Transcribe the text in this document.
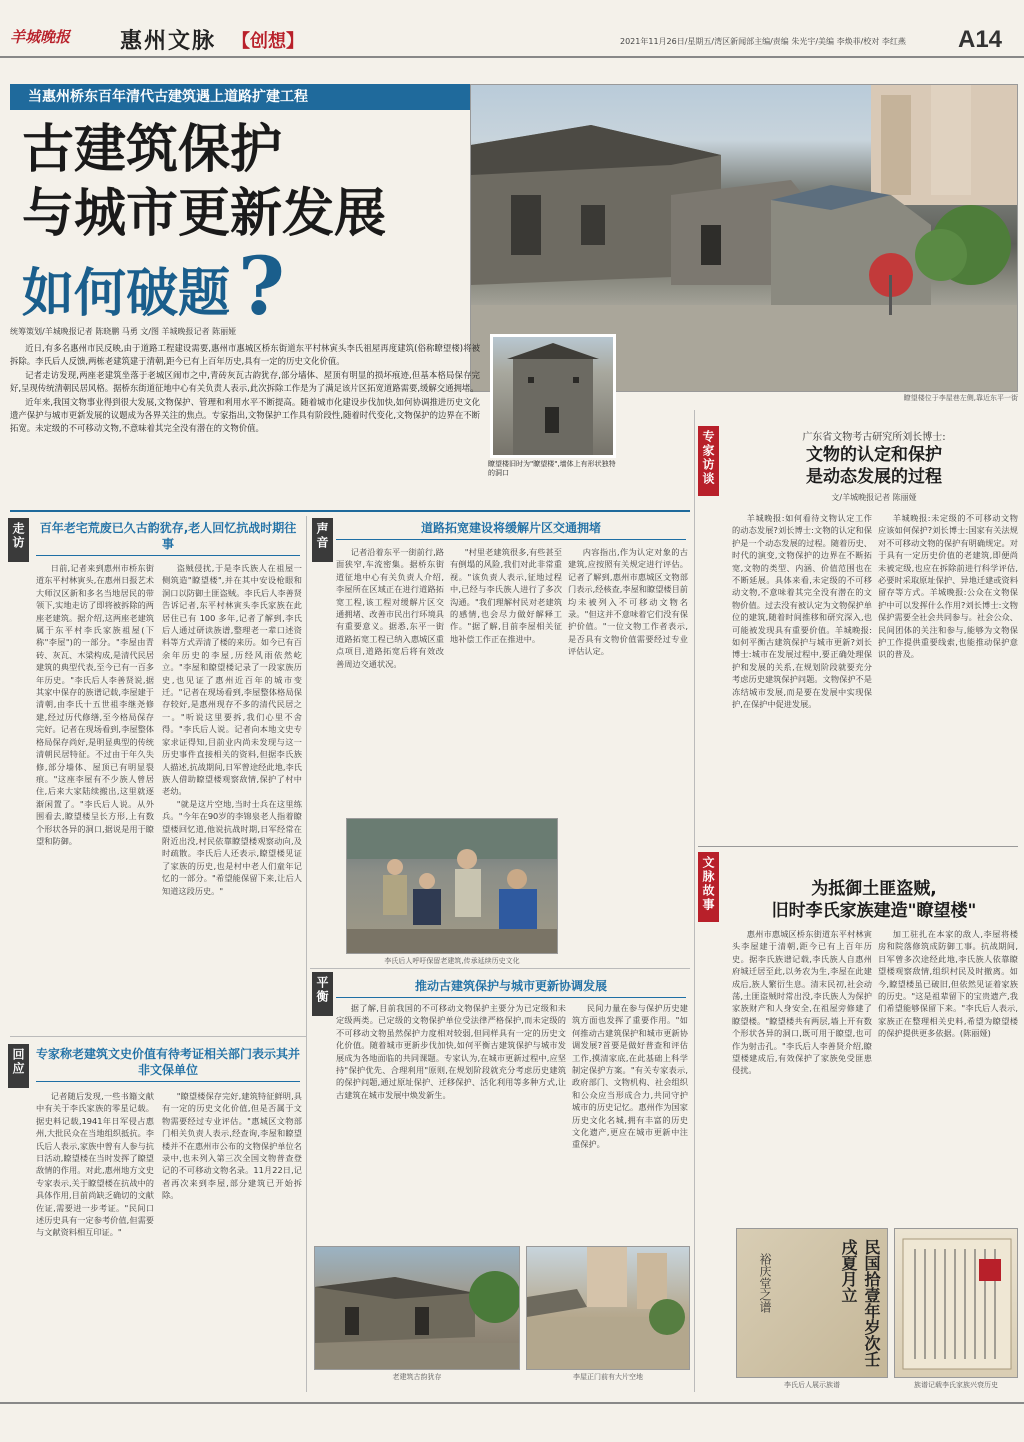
羊城晚报 惠州文脉 【创想】	2021年11月26日/星期五/湾区新闻部主编/责编 朱光宇/美编 李焕菲/校对 李红燕 A14
当惠州桥东百年清代古建筑遇上道路扩建工程
古建筑保护
与城市更新发展
如何破题 ?
统筹策划/羊城晚报记者 陈晓鹏 马勇 文/图 羊城晚报记者 陈丽娅
瞭望楼位于李屋巷左侧,靠近东平一街
瞭望楼旧时为"瞭望楼",墙体上有形状独特的洞口

近日,有多名惠州市民反映,由于道路工程建设需要,惠州市惠城区桥东街道东平村林寅头李氏祖屋再度建筑(俗称瞭望楼)将被拆除。李氏后人反馈,两栋老建筑建于清朝,距今已有上百年历史,具有一定的历史文化价值。

记者走访发现,两座老建筑坐落于老城区闹市之中,青砖灰瓦古韵犹存,部分墙体、屋顶有明显的损坏痕迹,但基本格局保存完好,呈现传统清朝民居风格。据桥东街道征地中心有关负责人表示,此次拆除工作是为了满足该片区拓宽道路需要,缓解交通拥堵。

近年来,我国文物事业得到很大发展,文物保护、管理和利用水平不断提高。随着城市化建设步伐加快,如何协调推进历史文化遗产保护与城市更新发展的议题成为各界关注的焦点。专家指出,文物保护工作具有阶段性,随着时代变化,文物保护的边界在不断拓宽。未定级的不可移动文物,不意味着其完全没有潜在的文物价值。

走访	声音
平衡
回应
专家访谈
文脉故事
百年老宅荒废已久古韵犹存,老人回忆抗战时期往事

日前,记者来到惠州市桥东街道东平村林寅头,在惠州日报艺术大师汉区新和多名当地居民的带领下,实地走访了即将被拆除的两座老建筑。据介绍,这两座老建筑属于东平村李氏家族祖屋(下称"李屋")的一部分。"李屋由青砖、灰瓦、木梁构成,是清代民居建筑的典型代表,至今已有一百多年历史。"李氏后人李善贤说,据其家中保存的族谱记载,李屋建于清朝,由李氏十五世祖李继尧修建,经过历代修缮,至今格局保存完好。记者在现场看到,李屋整体格局保存尚好,是明显典型的传统清朝民居特征。不过由于年久失修,部分墙体、屋顶已有明显裂痕。"这座李屋有不少族人曾居住,后来大家陆续搬出,这里就逐渐闲置了。"李氏后人说。从外围看去,瞭望楼呈长方形,上有数个形状各异的洞口,据说是用于瞭望和防御。

盗贼侵扰,于是李氏族人在祖屋一侧筑造"瞭望楼",并在其中安设枪眼和洞口以防御土匪盗贼。李氏后人李善贤告诉记者,东平村林寅头李氏家族在此居住已有 100 多年,记者了解到,李氏后人通过研读族谱,整理老一辈口述资料等方式弄清了楼的来历。如今已有百余年历史的李屋,历经风雨依然屹立。"李屋和瞭望楼记录了一段家族历史,也见证了惠州近百年的城市变迁。"记者在现场看到,李屋整体格局保存较好,是惠州现存不多的清代民居之一。"听说这里要拆,我们心里不舍得。"李氏后人说。记者向本地文史专家求证得知,目前业内尚未发现与这一历史事件直接相关的资料,但据李氏族人描述,抗战期间,日军曾途经此地,李氏族人借助瞭望楼观察敌情,保护了村中老幼。

"就是这片空地,当时士兵在这里练兵。"今年在90岁的李锦泉老人指着瞭望楼回忆道,他说抗战时期,日军经常在附近出没,村民依靠瞭望楼观察动向,及时疏散。李氏后人还表示,瞭望楼见证了家族的历史,也是村中老人们童年记忆的一部分。"希望能保留下来,让后人知道这段历史。"

道路拓宽建设将缓解片区交通拥堵

记者沿着东平一街前行,路面狭窄,车流密集。据桥东街道征地中心有关负责人介绍,李屋所在区域正在进行道路拓宽工程,该工程对缓解片区交通拥堵、改善市民出行环境具有重要意义。据悉,东平一街道路拓宽工程已纳入惠城区重点项目,道路拓宽后将有效改善周边交通状况。

"村里老建筑很多,有些甚至有倒塌的风险,我们对此非常重视。"该负责人表示,征地过程中,已经与李氏族人进行了多次沟通。"我们理解村民对老建筑的感情,也会尽力做好解释工作。"据了解,目前李屋相关征地补偿工作正在推进中。

内容指出,作为认定对象的古建筑,应按照有关规定进行评估。记者了解到,惠州市惠城区文物部门表示,经核查,李屋和瞭望楼目前均未被列入不可移动文物名录。"但这并不意味着它们没有保护价值。"一位文物工作者表示,是否具有文物价值需要经过专业评估认定。

李氏后人呼吁保留老建筑,传承延续历史文化
推动古建筑保护与城市更新协调发展

据了解,目前我国的不可移动文物保护主要分为已定级和未定级两类。已定级的文物保护单位受法律严格保护,而未定级的不可移动文物虽然保护力度相对较弱,但同样具有一定的历史文化价值。随着城市更新步伐加快,如何平衡古建筑保护与城市发展成为各地面临的共同课题。专家认为,在城市更新过程中,应坚持"保护优先、合理利用"原则,在规划阶段就充分考虑历史建筑的保护问题,通过原址保护、迁移保护、活化利用等多种方式,让古建筑在城市发展中焕发新生。

民间力量在参与保护历史建筑方面也发挥了重要作用。"如何推动古建筑保护和城市更新协调发展?首要是做好普查和评估工作,摸清家底,在此基础上科学制定保护方案。"有关专家表示,政府部门、文物机构、社会组织和公众应当形成合力,共同守护城市的历史记忆。惠州作为国家历史文化名城,拥有丰富的历史文化遗产,更应在城市更新中注重保护。

老建筑古韵犹存	李屋正门前有大片空地
专家称老建筑文史价值有待考证相关部门表示其并非文保单位

记者随后发现,一些书籍文献中有关于李氏家族的零星记载。据史料记载,1941年日军侵占惠州,大批民众在当地组织抵抗。李氏后人表示,家族中曾有人参与抗日活动,瞭望楼在当时发挥了瞭望敌情的作用。对此,惠州地方文史专家表示,关于瞭望楼在抗战中的具体作用,目前尚缺乏确切的文献佐证,需要进一步考证。"民间口述历史具有一定参考价值,但需要与文献资料相互印证。"

"瞭望楼保存完好,建筑特征鲜明,具有一定的历史文化价值,但是否属于文物需要经过专业评估。"惠城区文物部门相关负责人表示,经查询,李屋和瞭望楼并不在惠州市公布的文物保护单位名录中,也未列入第三次全国文物普查登记的不可移动文物名录。11月22日,记者再次来到李屋,部分建筑已开始拆除。

广东省文物考古研究所刘长博士:
文物的认定和保护
是动态发展的过程
文/羊城晚报记者 陈丽娅

羊城晚报:如何看待文物认定工作的动态发展?刘长博士:文物的认定和保护是一个动态发展的过程。随着历史、时代的演变,文物保护的边界在不断拓宽,文物的类型、内涵、价值范围也在不断延展。具体来看,未定级的不可移动文物,不意味着其完全没有潜在的文物价值。过去没有被认定为文物保护单位的建筑,随着时间推移和研究深入,也可能被发现具有重要价值。羊城晚报:如何平衡古建筑保护与城市更新?刘长博士:城市在发展过程中,要正确处理保护和发展的关系,在规划阶段就要充分考虑历史建筑保护问题。文物保护不是冻结城市发展,而是要在发展中实现保护,在保护中促进发展。

羊城晚报:未定级的不可移动文物应该如何保护?刘长博士:国家有关法规对不可移动文物的保护有明确规定。对于具有一定历史价值的老建筑,即便尚未被定级,也应在拆除前进行科学评估,必要时采取原址保护、异地迁建或资料留存等方式。羊城晚报:公众在文物保护中可以发挥什么作用?刘长博士:文物保护需要全社会共同参与。社会公众、民间团体的关注和参与,能够为文物保护工作提供重要线索,也能推动保护意识的普及。

为抵御土匪盗贼,
旧时李氏家族建造"瞭望楼"

惠州市惠城区桥东街道东平村林寅头李屋建于清朝,距今已有上百年历史。据李氏族谱记载,李氏族人自惠州府城迁居至此,以务农为生,李屋在此建成后,族人繁衍生息。清末民初,社会动荡,土匪盗贼时常出没,李氏族人为保护家族财产和人身安全,在祖屋旁修建了瞭望楼。"瞭望楼共有两层,墙上开有数个形状各异的洞口,既可用于瞭望,也可作为射击孔。"李氏后人李善贤介绍,瞭望楼建成后,有效保护了家族免受匪患侵扰。

加工驻扎在本家的敌人,李屋将楼房和院落修筑成防御工事。抗战期间,日军曾多次途经此地,李氏族人依靠瞭望楼观察敌情,组织村民及时撤离。如今,瞭望楼虽已破旧,但依然见证着家族的历史。"这是祖辈留下的宝贵遗产,我们希望能够保留下来。"李氏后人表示,家族正在整理相关史料,希望为瞭望楼的保护提供更多依据。(陈丽娅)

民国拾壹年岁次壬戌夏月立
裕庆堂之谱
李氏后人展示族谱	族谱记载李氏家族兴衰历史
